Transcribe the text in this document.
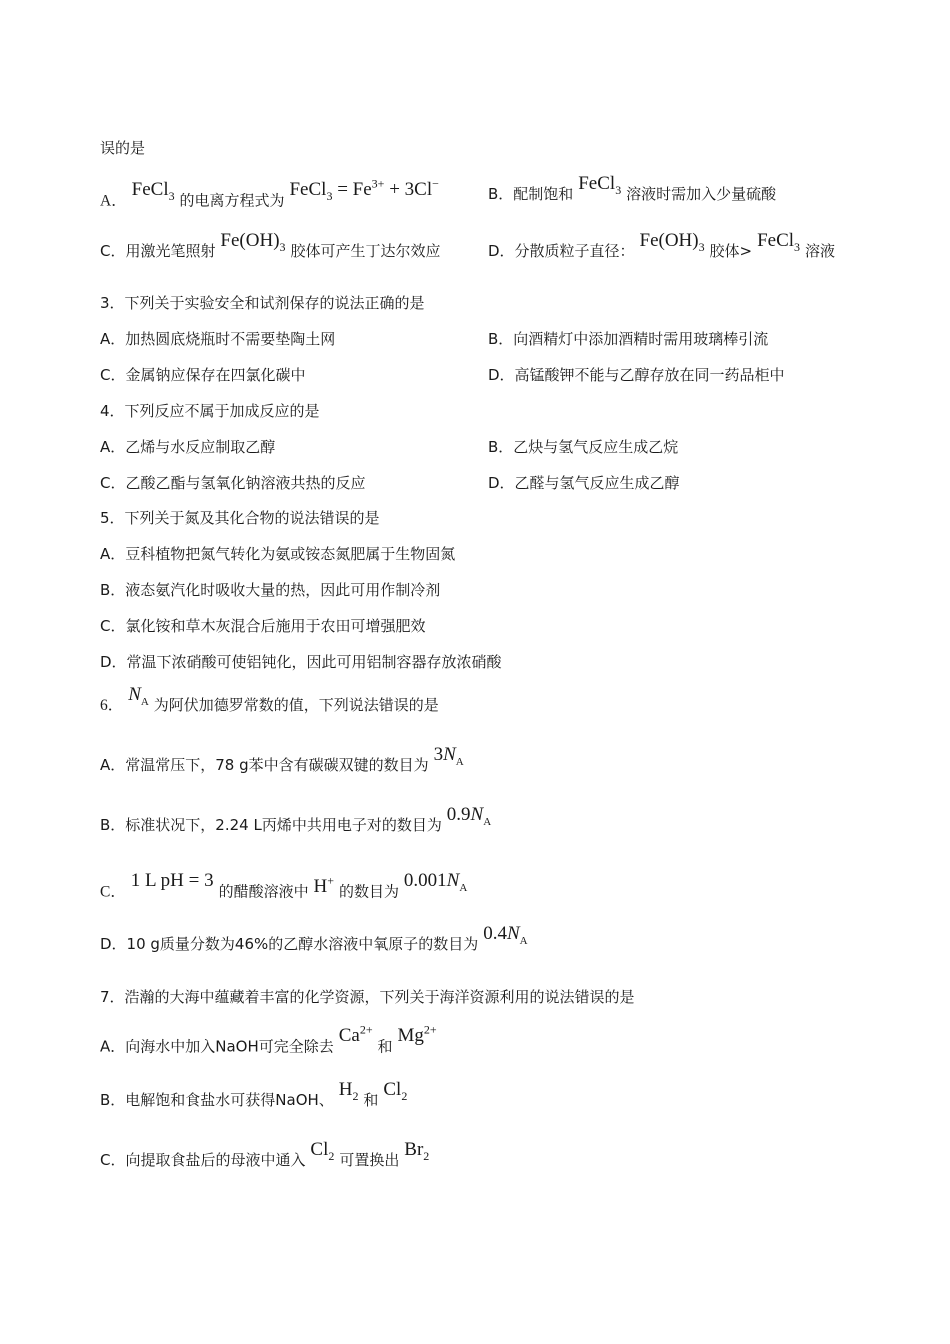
误的是
A． FeCl$_3$ 的电离方程式为 FeCl$_3$ = $Fe^{3+} + 3Cl^-$
B．配制饱和 FeCl$_3$ 溶液时需加入少量硫酸
C．用激光笔照射 $Fe(OH)_3$ 胶体可产生丁达尔效应	D．分散质粒子直径： $Fe(OH)_3$ 胶体> FeCl$_3$ 溶液
3．下列关于实验安全和试剂保存的说法正确的是
A．加热圆底烧瓶时不需要垫陶土网	B．向酒精灯中添加酒精时需用玻璃棒引流
C．金属钠应保存在四氯化碳中	D．高锰酸钾不能与乙醇存放在同一药品柜中
4．下列反应不属于加成反应的是
A．乙烯与水反应制取乙醇	B．乙炔与氢气反应生成乙烷
C．乙酸乙酯与氢氧化钠溶液共热的反应	D．乙醛与氢气反应生成乙醇
5．下列关于氮及其化合物的说法错误的是
A．豆科植物把氮气转化为氨或铵态氮肥属于生物固氮
B．液态氨汽化时吸收大量的热，因此可用作制冷剂
C．氯化铵和草木灰混合后施用于农田可增强肥效
D．常温下浓硝酸可使铝钝化，因此可用铝制容器存放浓硝酸
6． $N_A$ 为阿伏加德罗常数的值，下列说法错误的是
A．常温常压下，78 g苯中含有碳碳双键的数目为 $3N_A$
B．标准状况下，2.24 L丙烯中共用电子对的数目为 $0.9N_A$
C． 1 L pH = 3 的醋酸溶液中 H+ 的数目为 $0.001N_A$
D．10 g质量分数为46%的乙醇水溶液中氧原子的数目为 $0.4N_A$
7．浩瀚的大海中蕴藏着丰富的化学资源，下列关于海洋资源利用的说法错误的是
A．向海水中加入NaOH可完全除去 $Ca^{2+}$ 和 $Mg^{2+}$
B．电解饱和食盐水可获得NaOH、 $H_2$ 和 $Cl_2$
C．向提取食盐后的母液中通入 $Cl_2$ 可置换出 $Br_2$
